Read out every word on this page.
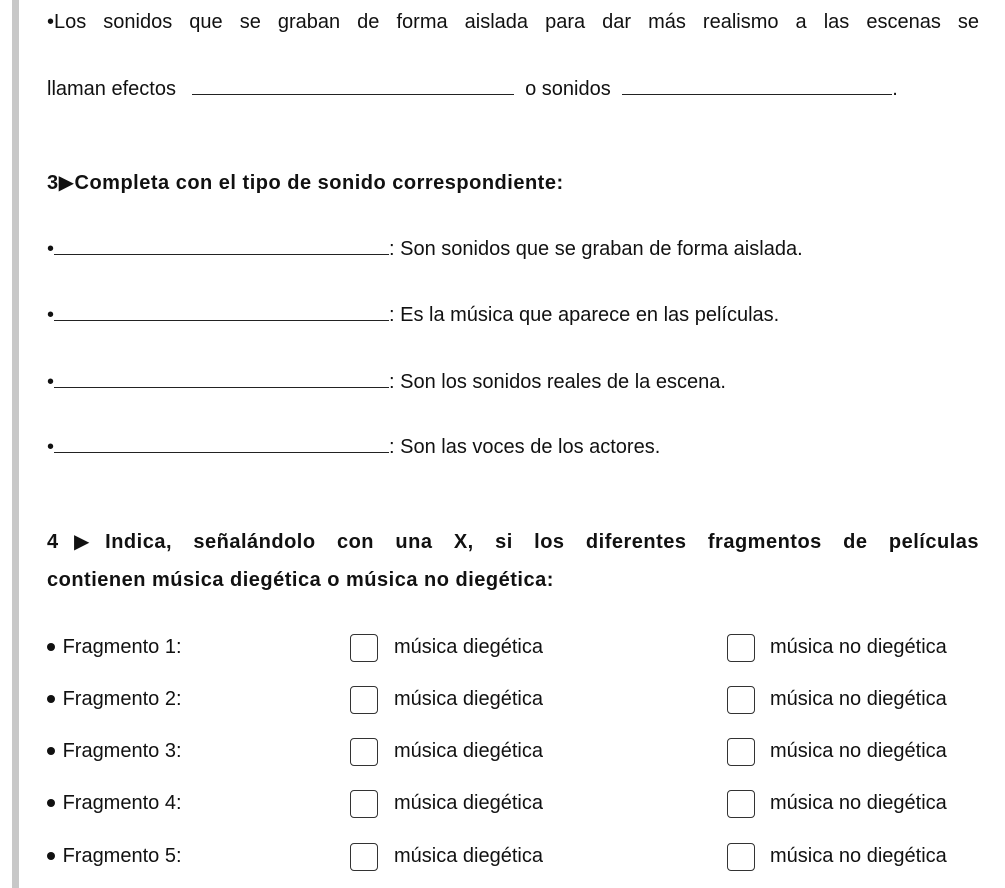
•Los sonidos que se graban de forma aislada para dar más realismo a las escenas se
llaman efectos	o sonidos	.
3▶Completa con el tipo de sonido correspondiente:
•	: Son sonidos que se graban de forma aislada.
•	: Es la música que aparece en las películas.
•	: Son los sonidos reales de la escena.
•	: Son las voces de los actores.
4▶Indica, señalándolo con una X, si los diferentes fragmentos de películas
contienen música diegética o música no diegética:
Fragmento 1:	música diegética	música no diegética
Fragmento 2:	música diegética	música no diegética
Fragmento 3:	música diegética	música no diegética
Fragmento 4:	música diegética	música no diegética
Fragmento 5:	música diegética	música no diegética
